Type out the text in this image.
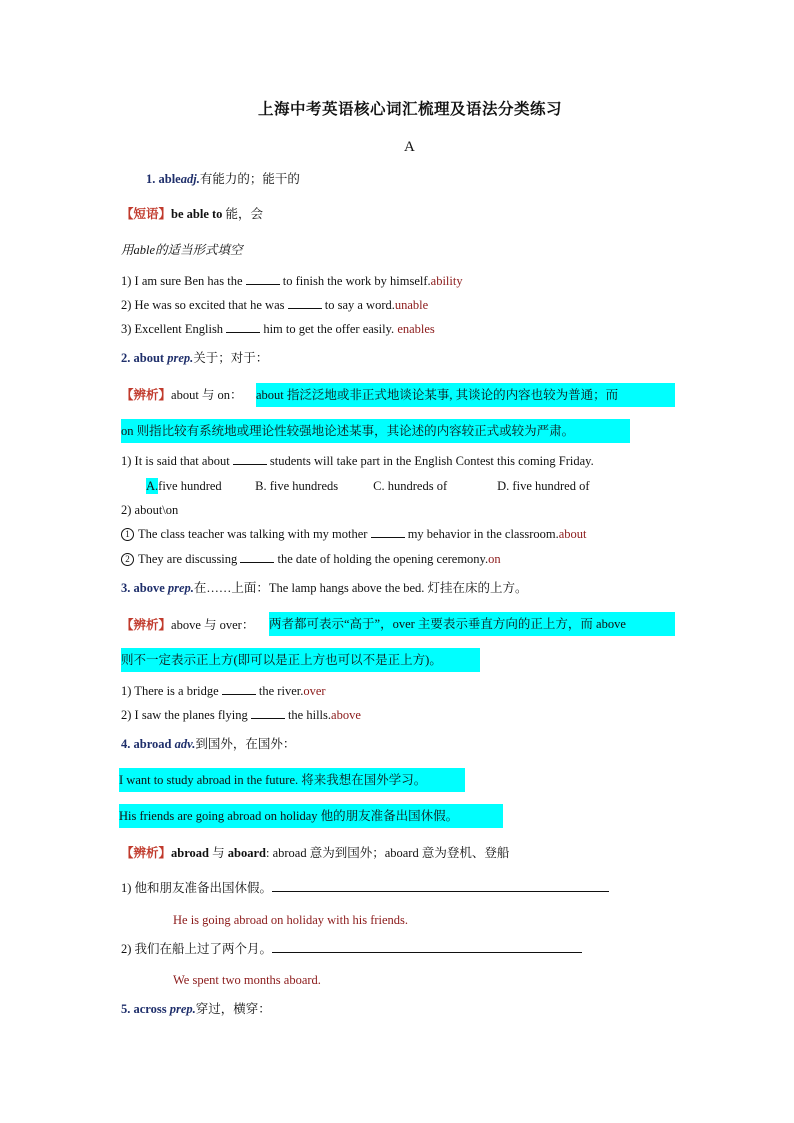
上海中考英语核心词汇梳理及语法分类练习
A
1. ableadj.有能力的；能干的
【短语】be able to 能，会
用able的适当形式填空
1) I am sure Ben has the	to finish the work by himself.ability
2) He was so excited that he was	to say a word.unable
3) Excellent English	him to get the offer easily. enables
2. about prep.关于；对于：
【辨析】about 与 on： about 指泛泛地或非正式地谈论某事, 其谈论的内容也较为普通；而
on 则指比较有系统地或理论性较强地论述某事，其论述的内容较正式或较为严肃。
1) It is said that about	students will take part in the English Contest this coming Friday.
A.five hundred	B. five hundreds	C. hundreds of	D. five hundred of
2) about\on
1 The class teacher was talking with my mother	my behavior in the classroom.about
2 They are discussing	the date of holding the opening ceremony.on
3. above prep.在……上面：The lamp hangs above the bed. 灯挂在床的上方。
【辨析】above 与 over： 两者都可表示“高于”，over 主要表示垂直方向的正上方，而 above
则不一定表示正上方(即可以是正上方也可以不是正上方)。
1) There is a bridge	the river.over
2) I saw the planes flying	the hills.above
4. abroad adv.到国外，在国外：
I want to study abroad in the future. 将来我想在国外学习。
His friends are going abroad on holiday 他的朋友准备出国休假。
【辨析】abroad 与 aboard: abroad 意为到国外；aboard 意为登机、登船
1) 他和朋友准备出国休假。
He is going abroad on holiday with his friends.
2) 我们在船上过了两个月。
We spent two months aboard.
5. across prep.穿过，横穿：
